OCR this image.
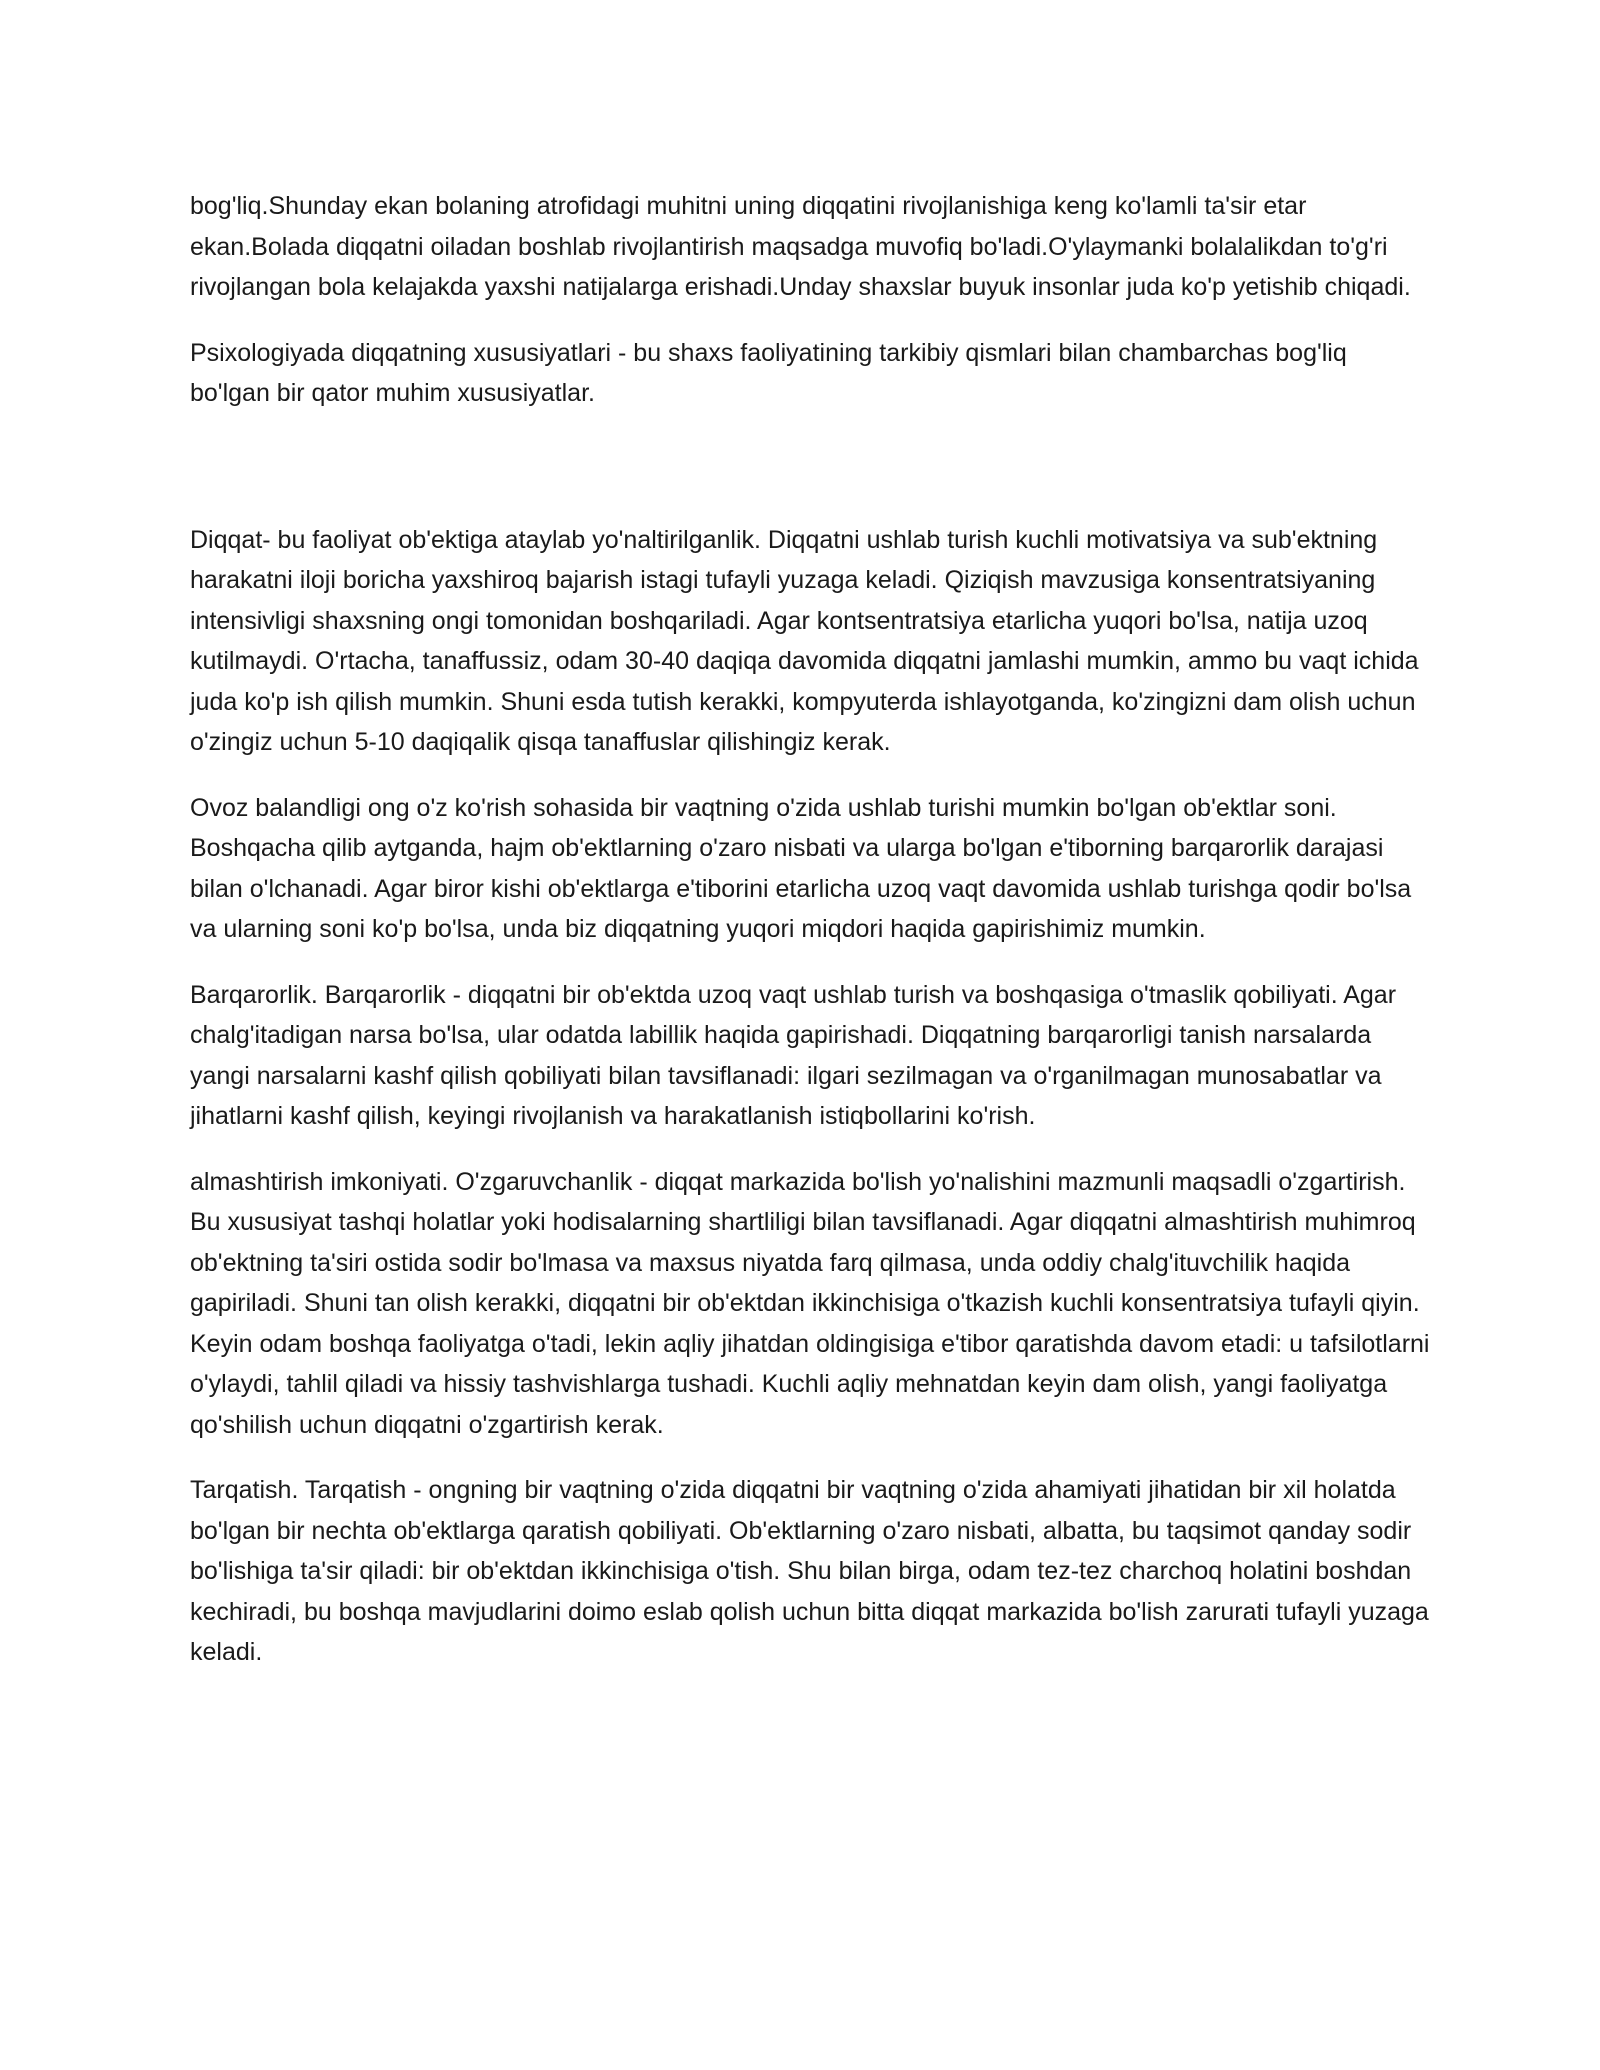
bog'liq.Shunday ekan bolaning atrofidagi muhitni uning diqqatini rivojlanishiga keng ko'lamli ta'sir etar ekan.Bolada diqqatni oiladan boshlab rivojlantirish maqsadga muvofiq bo'ladi.O'ylaymanki bolalalikdan to'g'ri rivojlangan bola kelajakda yaxshi natijalarga erishadi.Unday shaxslar buyuk insonlar juda ko'p yetishib chiqadi.

Psixologiyada diqqatning xususiyatlari - bu shaxs faoliyatining tarkibiy qismlari bilan chambarchas bog'liq bo'lgan bir qator muhim xususiyatlar.

Diqqat- bu faoliyat ob'ektiga ataylab yo'naltirilganlik. Diqqatni ushlab turish kuchli motivatsiya va sub'ektning harakatni iloji boricha yaxshiroq bajarish istagi tufayli yuzaga keladi. Qiziqish mavzusiga konsentratsiyaning intensivligi shaxsning ongi tomonidan boshqariladi. Agar kontsentratsiya etarlicha yuqori bo'lsa, natija uzoq kutilmaydi. O'rtacha, tanaffussiz, odam 30-40 daqiqa davomida diqqatni jamlashi mumkin, ammo bu vaqt ichida juda ko'p ish qilish mumkin. Shuni esda tutish kerakki, kompyuterda ishlayotganda, ko'zingizni dam olish uchun o'zingiz uchun 5-10 daqiqalik qisqa tanaffuslar qilishingiz kerak.

Ovoz balandligi ong o'z ko'rish sohasida bir vaqtning o'zida ushlab turishi mumkin bo'lgan ob'ektlar soni. Boshqacha qilib aytganda, hajm ob'ektlarning o'zaro nisbati va ularga bo'lgan e'tiborning barqarorlik darajasi bilan o'lchanadi. Agar biror kishi ob'ektlarga e'tiborini etarlicha uzoq vaqt davomida ushlab turishga qodir bo'lsa va ularning soni ko'p bo'lsa, unda biz diqqatning yuqori miqdori haqida gapirishimiz mumkin.

Barqarorlik. Barqarorlik - diqqatni bir ob'ektda uzoq vaqt ushlab turish va boshqasiga o'tmaslik qobiliyati. Agar chalg'itadigan narsa bo'lsa, ular odatda labillik haqida gapirishadi. Diqqatning barqarorligi tanish narsalarda yangi narsalarni kashf qilish qobiliyati bilan tavsiflanadi: ilgari sezilmagan va o'rganilmagan munosabatlar va jihatlarni kashf qilish, keyingi rivojlanish va harakatlanish istiqbollarini ko'rish.

almashtirish imkoniyati. O'zgaruvchanlik - diqqat markazida bo'lish yo'nalishini mazmunli maqsadli o'zgartirish. Bu xususiyat tashqi holatlar yoki hodisalarning shartliligi bilan tavsiflanadi. Agar diqqatni almashtirish muhimroq ob'ektning ta'siri ostida sodir bo'lmasa va maxsus niyatda farq qilmasa, unda oddiy chalg'ituvchilik haqida gapiriladi. Shuni tan olish kerakki, diqqatni bir ob'ektdan ikkinchisiga o'tkazish kuchli konsentratsiya tufayli qiyin. Keyin odam boshqa faoliyatga o'tadi, lekin aqliy jihatdan oldingisiga e'tibor qaratishda davom etadi: u tafsilotlarni o'ylaydi, tahlil qiladi va hissiy tashvishlarga tushadi. Kuchli aqliy mehnatdan keyin dam olish, yangi faoliyatga qo'shilish uchun diqqatni o'zgartirish kerak.

Tarqatish. Tarqatish - ongning bir vaqtning o'zida diqqatni bir vaqtning o'zida ahamiyati jihatidan bir xil holatda bo'lgan bir nechta ob'ektlarga qaratish qobiliyati. Ob'ektlarning o'zaro nisbati, albatta, bu taqsimot qanday sodir bo'lishiga ta'sir qiladi: bir ob'ektdan ikkinchisiga o'tish. Shu bilan birga, odam tez-tez charchoq holatini boshdan kechiradi, bu boshqa mavjudlarini doimo eslab qolish uchun bitta diqqat markazida bo'lish zarurati tufayli yuzaga keladi.
